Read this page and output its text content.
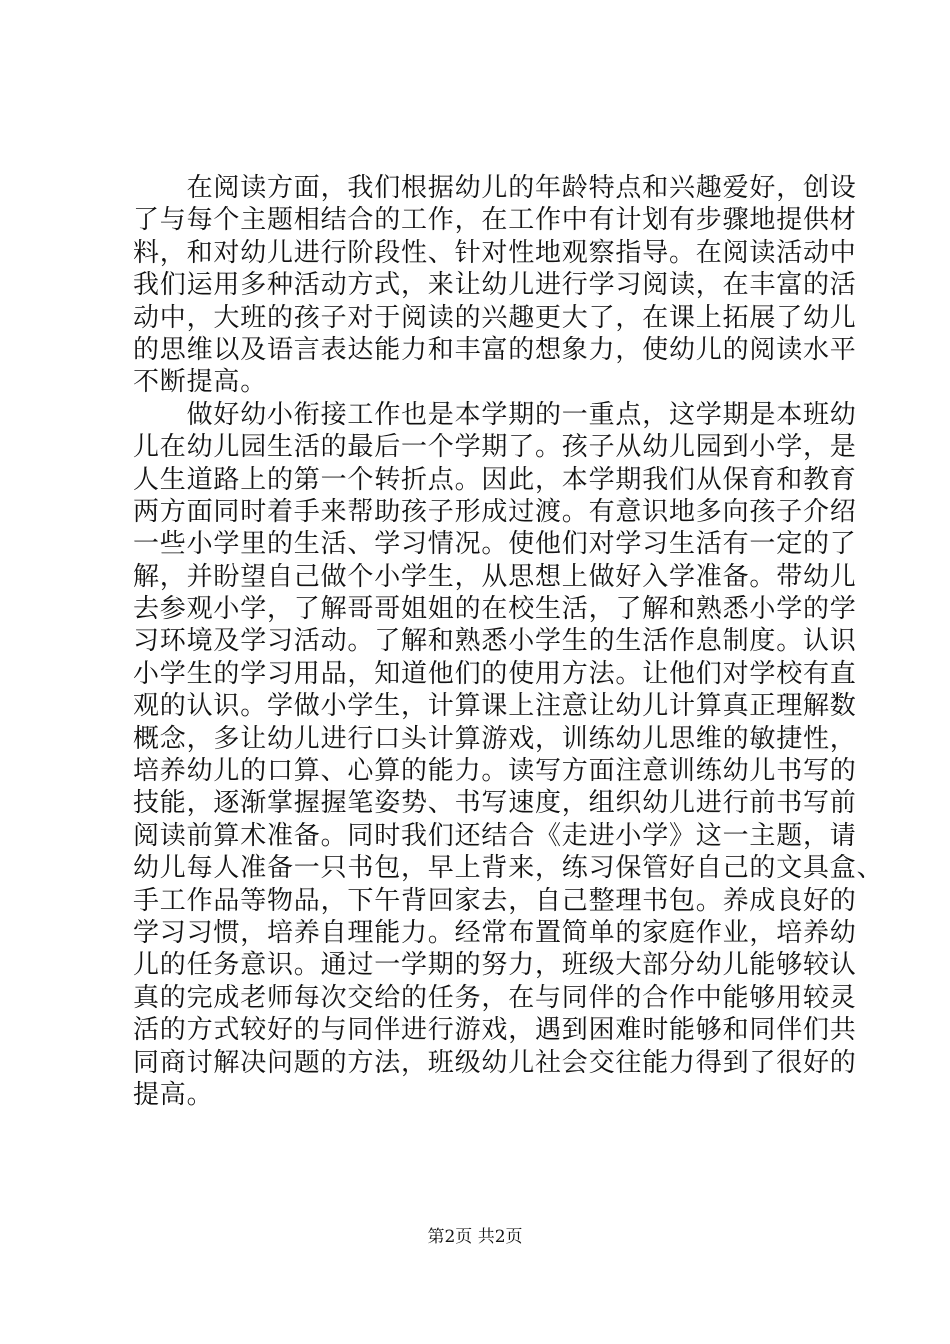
　　在阅读方面，我们根据幼儿的年龄特点和兴趣爱好，创设
了与每个主题相结合的工作，在工作中有计划有步骤地提供材
料，和对幼儿进行阶段性、针对性地观察指导。在阅读活动中
我们运用多种活动方式，来让幼儿进行学习阅读，在丰富的活
动中，大班的孩子对于阅读的兴趣更大了，在课上拓展了幼儿
的思维以及语言表达能力和丰富的想象力，使幼儿的阅读水平
不断提高。
　　做好幼小衔接工作也是本学期的一重点，这学期是本班幼
儿在幼儿园生活的最后一个学期了。孩子从幼儿园到小学，是
人生道路上的第一个转折点。因此，本学期我们从保育和教育
两方面同时着手来帮助孩子形成过渡。有意识地多向孩子介绍
一些小学里的生活、学习情况。使他们对学习生活有一定的了
解，并盼望自己做个小学生，从思想上做好入学准备。带幼儿
去参观小学，了解哥哥姐姐的在校生活，了解和熟悉小学的学
习环境及学习活动。了解和熟悉小学生的生活作息制度。认识
小学生的学习用品，知道他们的使用方法。让他们对学校有直
观的认识。学做小学生，计算课上注意让幼儿计算真正理解数
概念，多让幼儿进行口头计算游戏，训练幼儿思维的敏捷性，
培养幼儿的口算、心算的能力。读写方面注意训练幼儿书写的
技能，逐渐掌握握笔姿势、书写速度，组织幼儿进行前书写前
阅读前算术准备。同时我们还结合《走进小学》这一主题，请
幼儿每人准备一只书包，早上背来，练习保管好自己的文具盒、
手工作品等物品，下午背回家去，自己整理书包。养成良好的
学习习惯，培养自理能力。经常布置简单的家庭作业，培养幼
儿的任务意识。通过一学期的努力，班级大部分幼儿能够较认
真的完成老师每次交给的任务，在与同伴的合作中能够用较灵
活的方式较好的与同伴进行游戏，遇到困难时能够和同伴们共
同商讨解决问题的方法，班级幼儿社会交往能力得到了很好的
提高。
第2页 共2页
